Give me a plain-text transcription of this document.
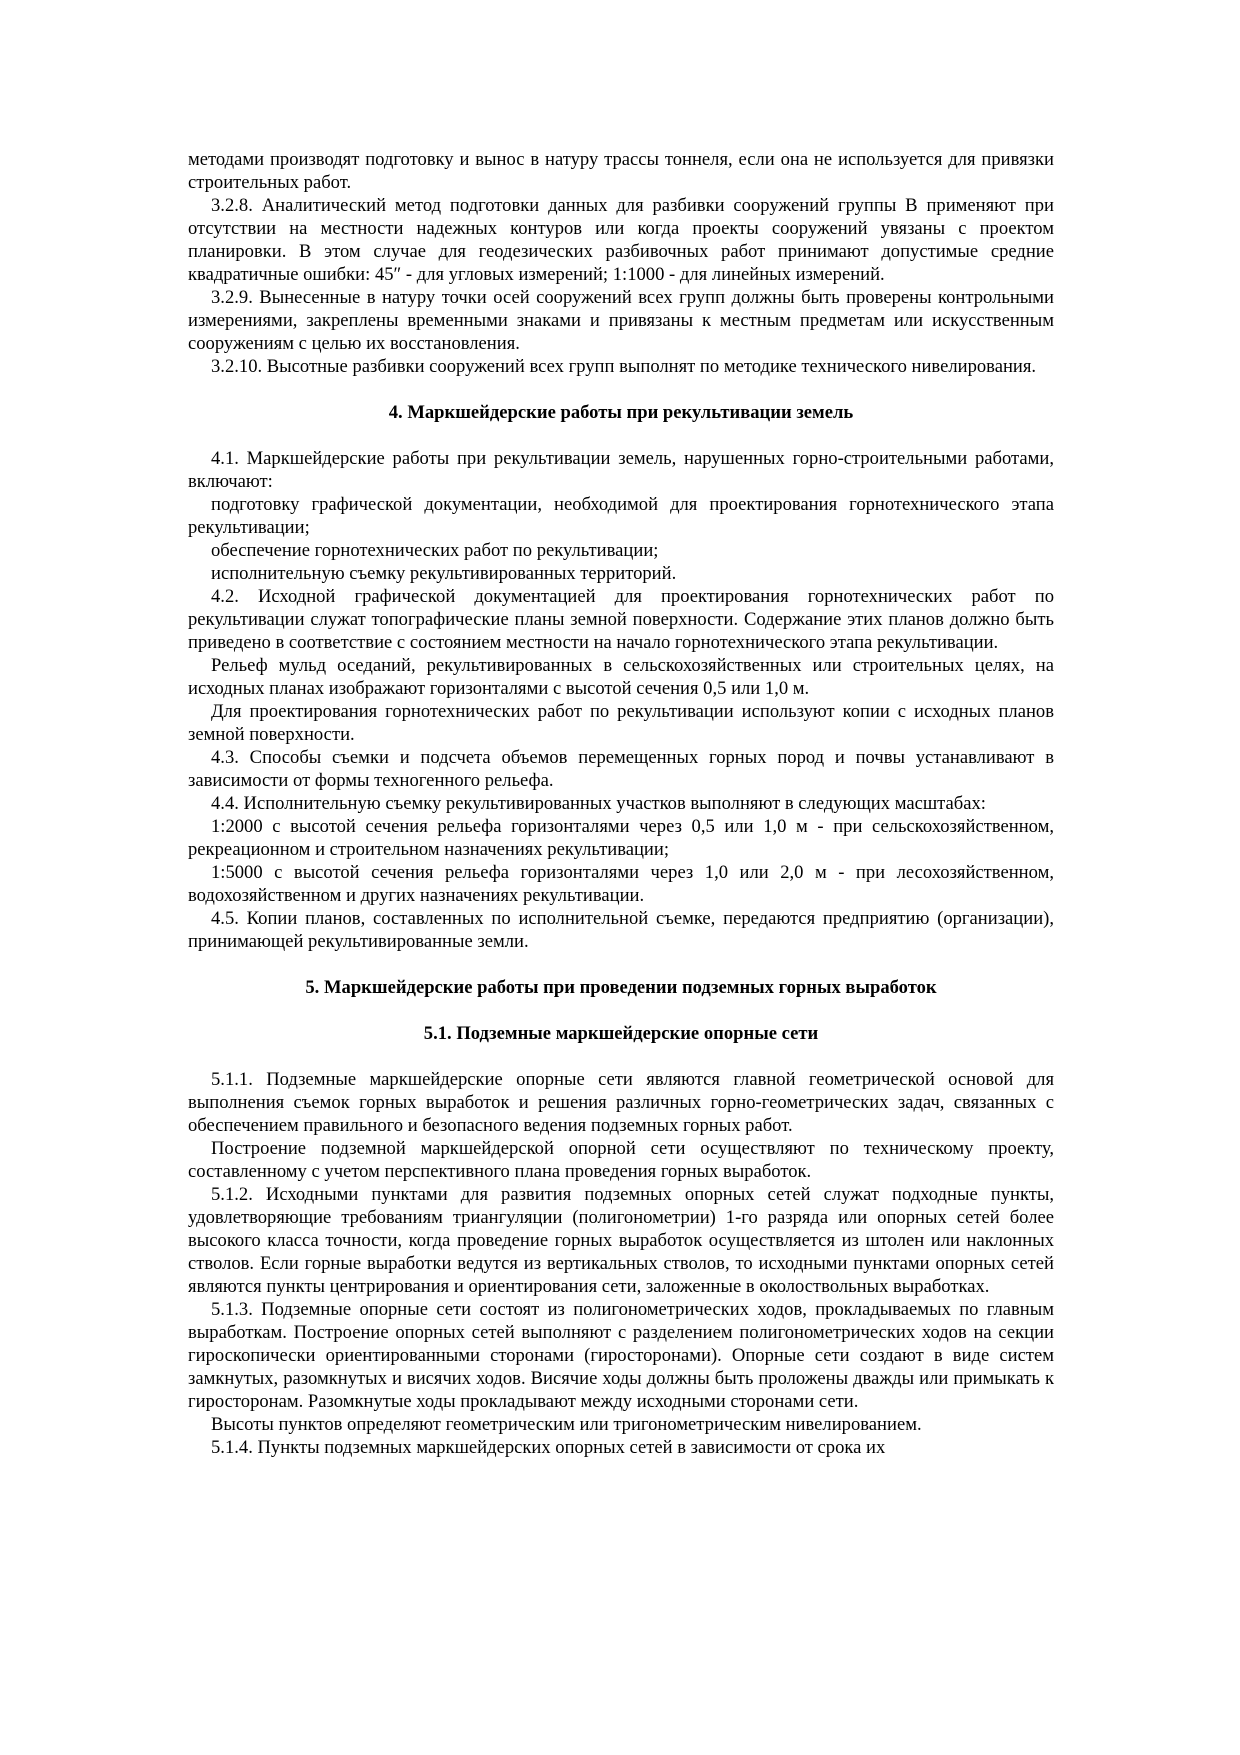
методами производят подготовку и вынос в натуру трассы тоннеля, если она не используется для привязки строительных работ.

3.2.8. Аналитический метод подготовки данных для разбивки сооружений группы В применяют при отсутствии на местности надежных контуров или когда проекты сооружений увязаны с проектом планировки. В этом случае для геодезических разбивочных работ принимают допустимые средние квадратичные ошибки: 45″ - для угловых измерений; 1:1000 - для линейных измерений.

3.2.9. Вынесенные в натуру точки осей сооружений всех групп должны быть проверены контрольными измерениями, закреплены временными знаками и привязаны к местным предметам или искусственным сооружениям с целью их восстановления.

3.2.10. Высотные разбивки сооружений всех групп выполнят по методике технического нивелирования.

4. Маркшейдерские работы при рекультивации земель

4.1. Маркшейдерские работы при рекультивации земель, нарушенных горно-строительными работами, включают:

подготовку графической документации, необходимой для проектирования горнотехнического этапа рекультивации;

обеспечение горнотехнических работ по рекультивации;

исполнительную съемку рекультивированных территорий.

4.2. Исходной графической документацией для проектирования горнотехнических работ по рекультивации служат топографические планы земной поверхности. Содержание этих планов должно быть приведено в соответствие с состоянием местности на начало горнотехнического этапа рекультивации.

Рельеф мульд оседаний, рекультивированных в сельскохозяйственных или строительных целях, на исходных планах изображают горизонталями с высотой сечения 0,5 или 1,0 м.

Для проектирования горнотехнических работ по рекультивации используют копии с исходных планов земной поверхности.

4.3. Способы съемки и подсчета объемов перемещенных горных пород и почвы устанавливают в зависимости от формы техногенного рельефа.

4.4. Исполнительную съемку рекультивированных участков выполняют в следующих масштабах:

1:2000 с высотой сечения рельефа горизонталями через 0,5 или 1,0 м - при сельскохозяйственном, рекреационном и строительном назначениях рекультивации;

1:5000 с высотой сечения рельефа горизонталями через 1,0 или 2,0 м - при лесохозяйственном, водохозяйственном и других назначениях рекультивации.

4.5. Копии планов, составленных по исполнительной съемке, передаются предприятию (организации), принимающей рекультивированные земли.

5. Маркшейдерские работы при проведении подземных горных выработок
5.1. Подземные маркшейдерские опорные сети

5.1.1. Подземные маркшейдерские опорные сети являются главной геометрической основой для выполнения съемок горных выработок и решения различных горно-геометрических задач, связанных с обеспечением правильного и безопасного ведения подземных горных работ.

Построение подземной маркшейдерской опорной сети осуществляют по техническому проекту, составленному с учетом перспективного плана проведения горных выработок.

5.1.2. Исходными пунктами для развития подземных опорных сетей служат подходные пункты, удовлетворяющие требованиям триангуляции (полигонометрии) 1-го разряда или опорных сетей более высокого класса точности, когда проведение горных выработок осуществляется из штолен или наклонных стволов. Если горные выработки ведутся из вертикальных стволов, то исходными пунктами опорных сетей являются пункты центрирования и ориентирования сети, заложенные в околоствольных выработках.

5.1.3. Подземные опорные сети состоят из полигонометрических ходов, прокладываемых по главным выработкам. Построение опорных сетей выполняют с разделением полигонометрических ходов на секции гироскопически ориентированными сторонами (гиросторонами). Опорные сети создают в виде систем замкнутых, разомкнутых и висячих ходов. Висячие ходы должны быть проложены дважды или примыкать к гиросторонам. Разомкнутые ходы прокладывают между исходными сторонами сети.

Высоты пунктов определяют геометрическим или тригонометрическим нивелированием.

5.1.4. Пункты подземных маркшейдерских опорных сетей в зависимости от срока их
